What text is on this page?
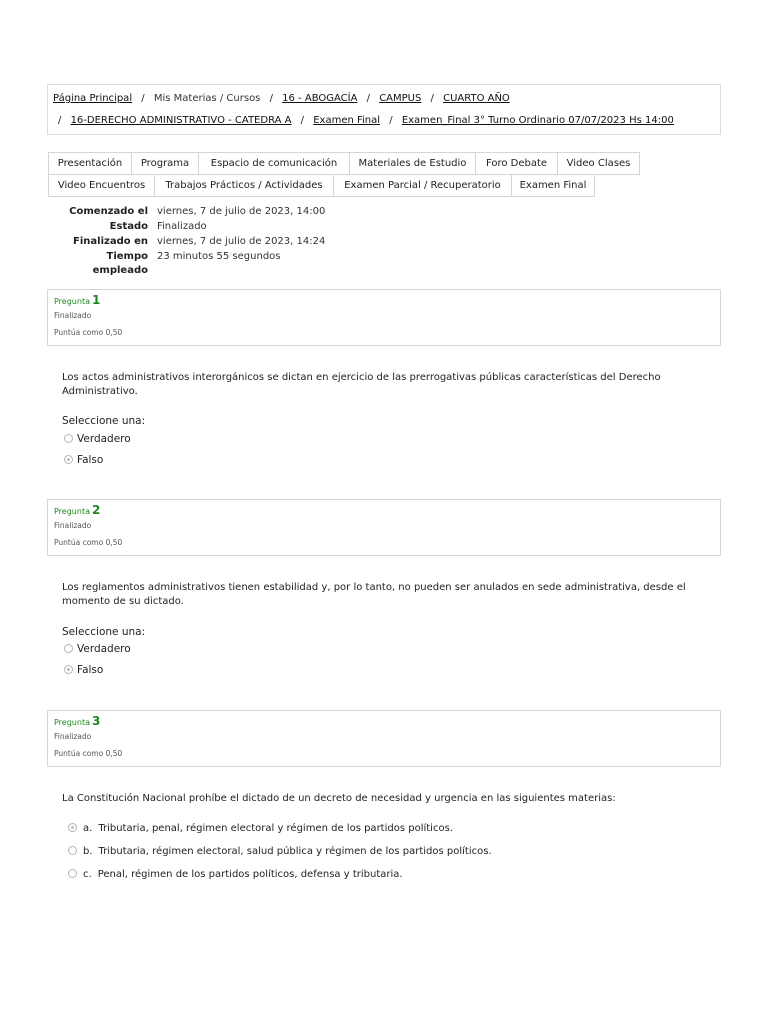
Página Principal / Mis Materias / Cursos / 16 - ABOGACÍA / CAMPUS / CUARTO AÑO
/ 16-DERECHO ADMINISTRATIVO - CATEDRA A / Examen Final / Examen_Final 3° Turno Ordinario 07/07/2023 Hs 14:00
Presentación	Programa	Espacio de comunicación	Materiales de Estudio	Foro Debate	Video Clases
Video Encuentros	Trabajos Prácticos / Actividades	Examen Parcial / Recuperatorio	Examen Final
Comenzado el viernes, 7 de julio de 2023, 14:00
Estado Finalizado
Finalizado en viernes, 7 de julio de 2023, 14:24
Tiempo 23 minutos 55 segundos
empleado
Pregunta 1
Finalizado
Puntúa como 0,50
Los actos administrativos interorgánicos se dictan en ejercicio de las prerrogativas públicas características del Derecho Administrativo.
Seleccione una:
Verdadero
Falso
Pregunta 2
Finalizado
Puntúa como 0,50
Los reglamentos administrativos tienen estabilidad y, por lo tanto, no pueden ser anulados en sede administrativa, desde el momento de su dictado.
Seleccione una:
Verdadero
Falso
Pregunta 3
Finalizado
Puntúa como 0,50
La Constitución Nacional prohíbe el dictado de un decreto de necesidad y urgencia en las siguientes materias:
a. Tributaria, penal, régimen electoral y régimen de los partidos políticos.
b. Tributaria, régimen electoral, salud pública y régimen de los partidos políticos.
c. Penal, régimen de los partidos políticos, defensa y tributaria.
